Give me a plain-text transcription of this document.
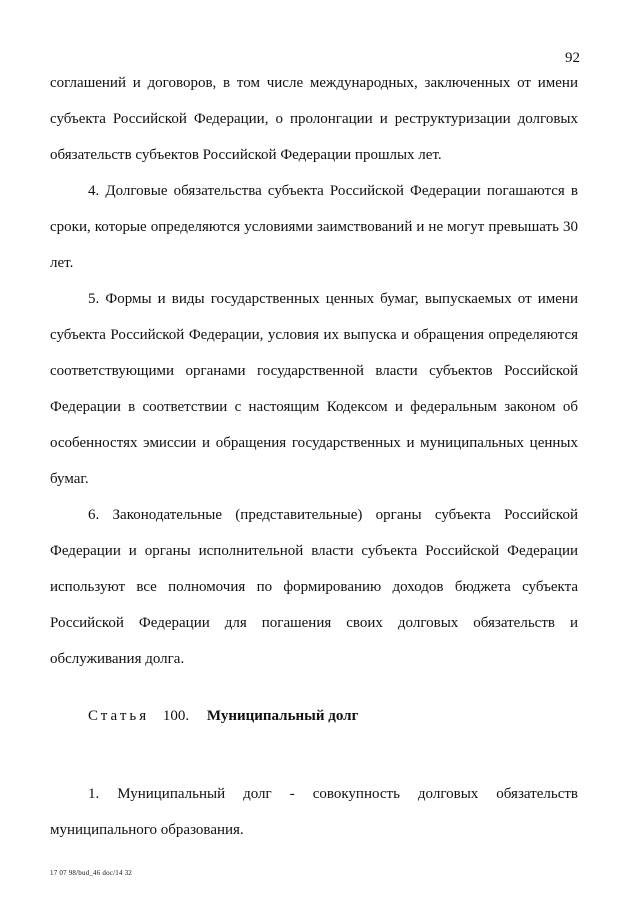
92

соглашений и договоров, в том числе международных, заключенных от имени субъекта Российской Федерации, о пролонгации и реструктуризации долговых обязательств субъектов Российской Федерации прошлых лет.

4. Долговые обязательства субъекта Российской Федерации погашаются в сроки, которые определяются условиями заимствований и не могут превышать 30 лет.

5. Формы и виды государственных ценных бумаг, выпускаемых от имени субъекта Российской Федерации, условия их выпуска и обращения определяются соответствующими органами государственной власти субъектов Российской Федерации в соответствии с настоящим Кодексом и федеральным законом об особенностях эмиссии и обращения государственных и муниципальных ценных бумаг.

6. Законодательные (представительные) органы субъекта Российской Федерации и органы исполнительной власти субъекта Российской Федерации используют все полномочия по формированию доходов бюджета субъекта Российской Федерации для погашения своих долговых обязательств и обслуживания долга.

Статья 100. Муниципальный долг

1. Муниципальный долг - совокупность долговых обязательств муниципального образования.

17 07 98/bud_46 doc/14 32
